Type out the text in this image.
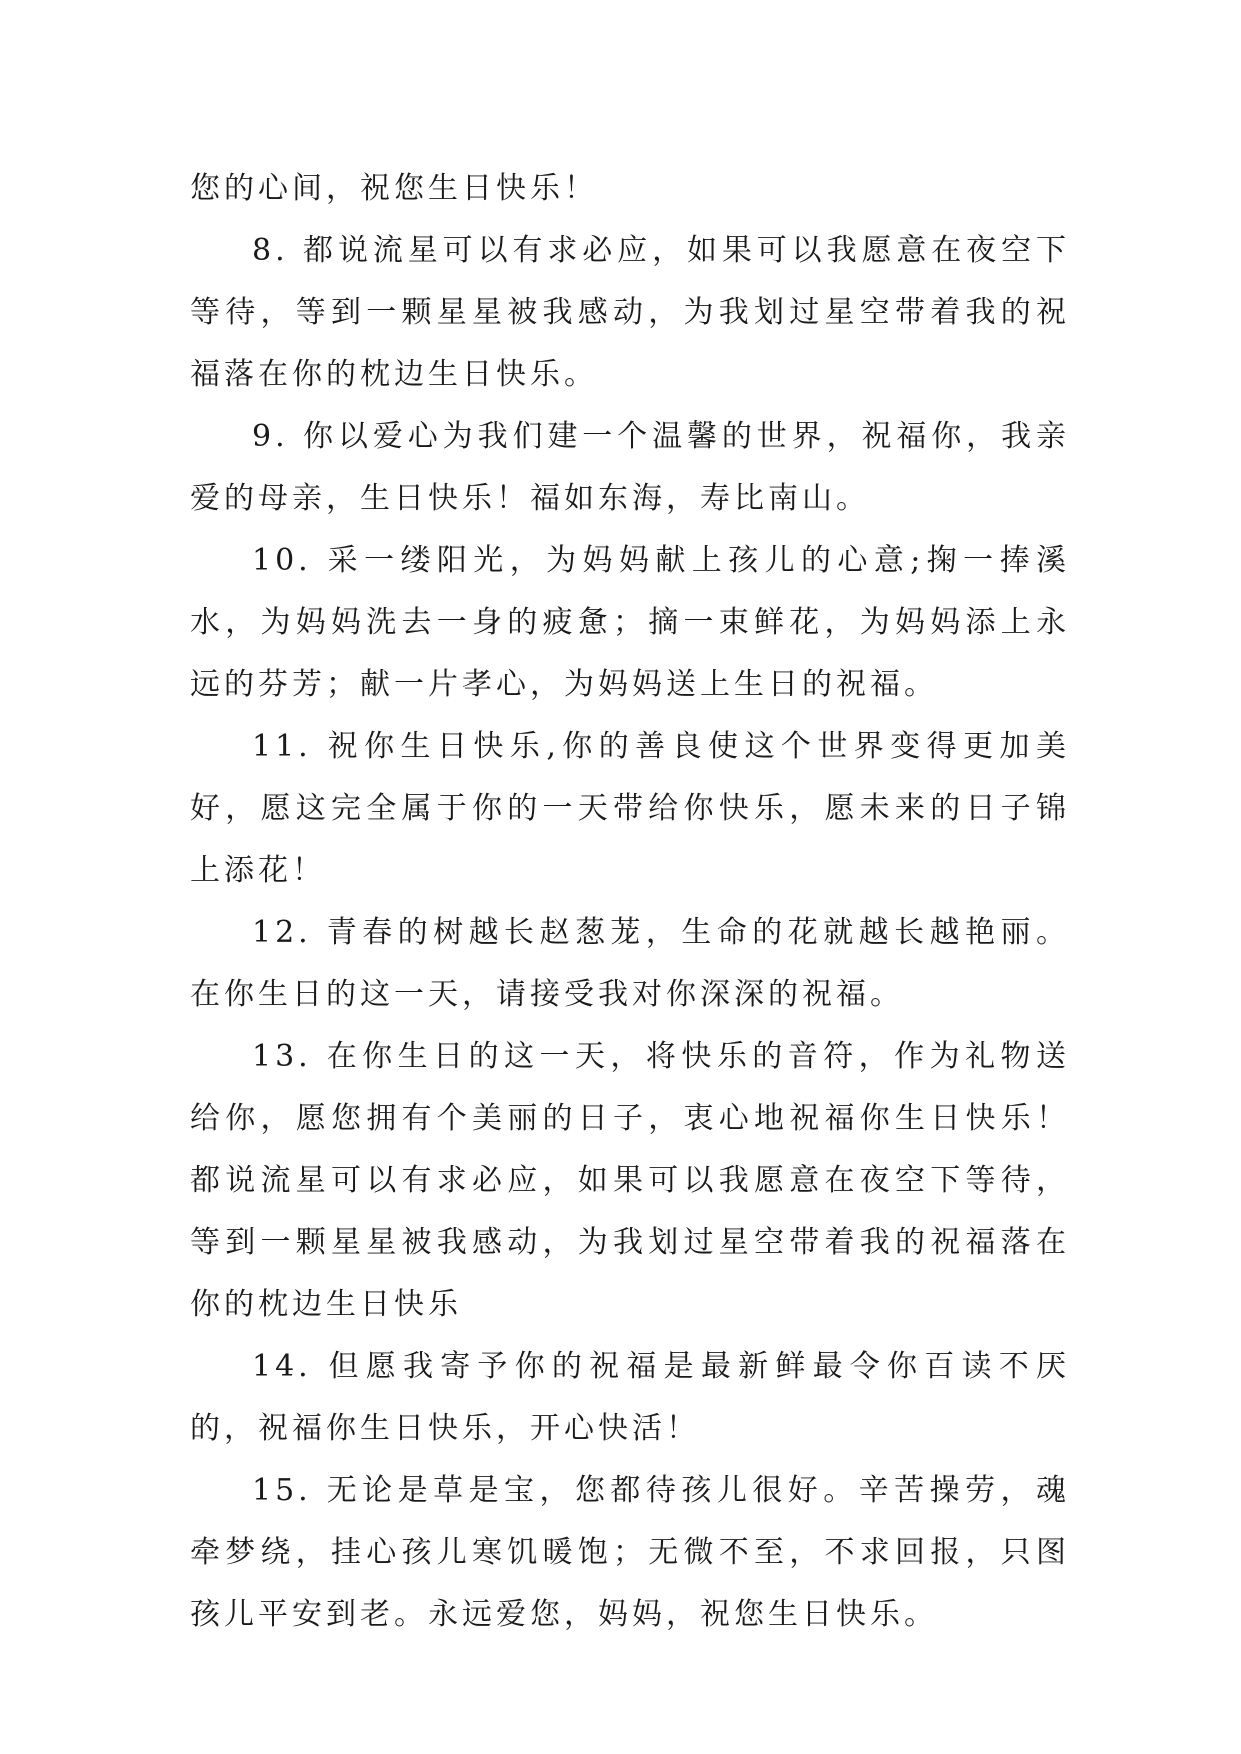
您的心间，祝您生日快乐！

8. 都说流星可以有求必应，如果可以我愿意在夜空下等待，等到一颗星星被我感动，为我划过星空带着我的祝福落在你的枕边生日快乐。

9. 你以爱心为我们建一个温馨的世界，祝福你，我亲爱的母亲，生日快乐！福如东海，寿比南山。

10. 采一缕阳光，为妈妈献上孩儿的心意;掬一捧溪水，为妈妈洗去一身的疲惫；摘一束鲜花，为妈妈添上永远的芬芳；献一片孝心，为妈妈送上生日的祝福。

11. 祝你生日快乐,你的善良使这个世界变得更加美好，愿这完全属于你的一天带给你快乐，愿未来的日子锦上添花！

12. 青春的树越长赵葱茏，生命的花就越长越艳丽。在你生日的这一天，请接受我对你深深的祝福。

13. 在你生日的这一天，将快乐的音符，作为礼物送给你，愿您拥有个美丽的日子，衷心地祝福你生日快乐！都说流星可以有求必应，如果可以我愿意在夜空下等待，等到一颗星星被我感动，为我划过星空带着我的祝福落在你的枕边生日快乐

14. 但愿我寄予你的祝福是最新鲜最令你百读不厌的，祝福你生日快乐，开心快活！

15. 无论是草是宝，您都待孩儿很好。辛苦操劳，魂牵梦绕，挂心孩儿寒饥暖饱；无微不至，不求回报，只图孩儿平安到老。永远爱您，妈妈，祝您生日快乐。
